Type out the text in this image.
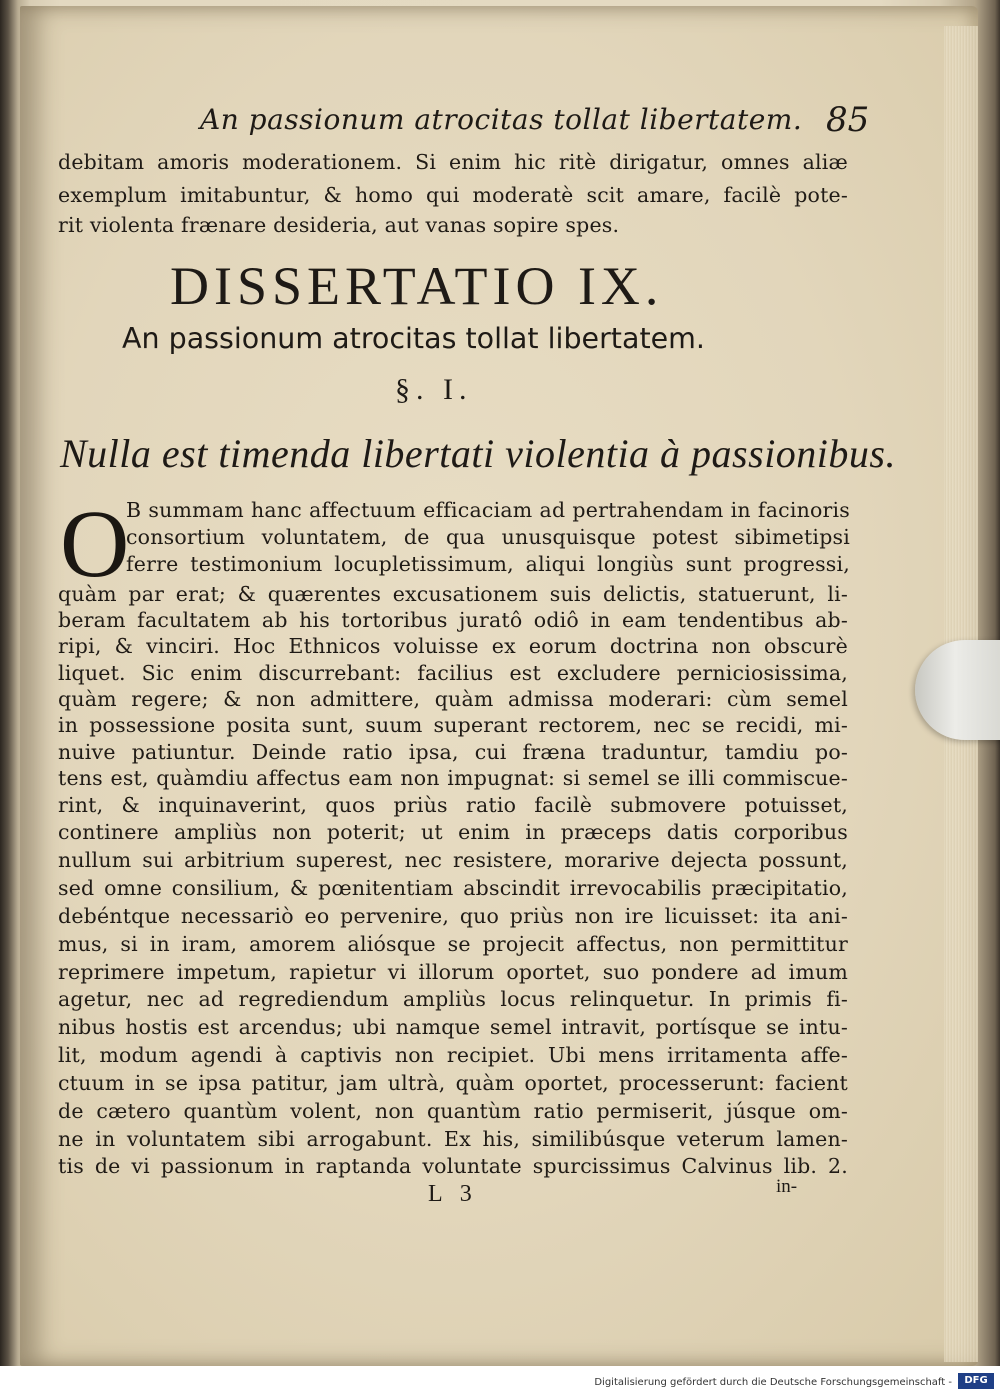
An passionum atrocitas tollat libertatem. 85
debitam amoris moderationem. Si enim hic ritè dirigatur, omnes aliæ
exemplum imitabuntur, & homo qui moderatè scit amare, facilè pote-
rit violenta frænare desideria, aut vanas sopire spes.
DISSERTATIO IX.
An passionum atrocitas tollat libertatem.
§. I.
Nulla est timenda libertati violentia à passionibus.
O
B summam hanc affectuum efficaciam ad pertrahendam in facinoris
consortium voluntatem, de qua unusquisque potest sibimetipsi
ferre testimonium locupletissimum, aliqui longiùs sunt progressi,
quàm par erat; & quærentes excusationem suis delictis, statuerunt, li-
beram facultatem ab his tortoribus juratô odiô in eam tendentibus ab-
ripi, & vinciri. Hoc Ethnicos voluisse ex eorum doctrina non obscurè
liquet. Sic enim discurrebant: facilius est excludere perniciosissima,
quàm regere; & non admittere, quàm admissa moderari: cùm semel
in possessione posita sunt, suum superant rectorem, nec se recidi, mi-
nuive patiuntur. Deinde ratio ipsa, cui fræna traduntur, tamdiu po-
tens est, quàmdiu affectus eam non impugnat: si semel se illi commiscue-
rint, & inquinaverint, quos priùs ratio facilè submovere potuisset,
continere ampliùs non poterit; ut enim in præceps datis corporibus
nullum sui arbitrium superest, nec resistere, morarive dejecta possunt,
sed omne consilium, & pœnitentiam abscindit irrevocabilis præcipitatio,
debéntque necessariò eo pervenire, quo priùs non ire licuisset: ita ani-
mus, si in iram, amorem aliósque se projecit affectus, non permittitur
reprimere impetum, rapietur vi illorum oportet, suo pondere ad imum
agetur, nec ad regrediendum ampliùs locus relinquetur. In primis fi-
nibus hostis est arcendus; ubi namque semel intravit, portísque se intu-
lit, modum agendi à captivis non recipiet. Ubi mens irritamenta affe-
ctuum in se ipsa patitur, jam ultrà, quàm oportet, processerunt: facient
de cætero quantùm volent, non quantùm ratio permiserit, júsque om-
ne in voluntatem sibi arrogabunt. Ex his, similibúsque veterum lamen-
tis de vi passionum in raptanda voluntate spurcissimus Calvinus lib. 2.
L 3	in-
Digitalisierung gefördert durch die Deutsche Forschungsgemeinschaft -	DFG
